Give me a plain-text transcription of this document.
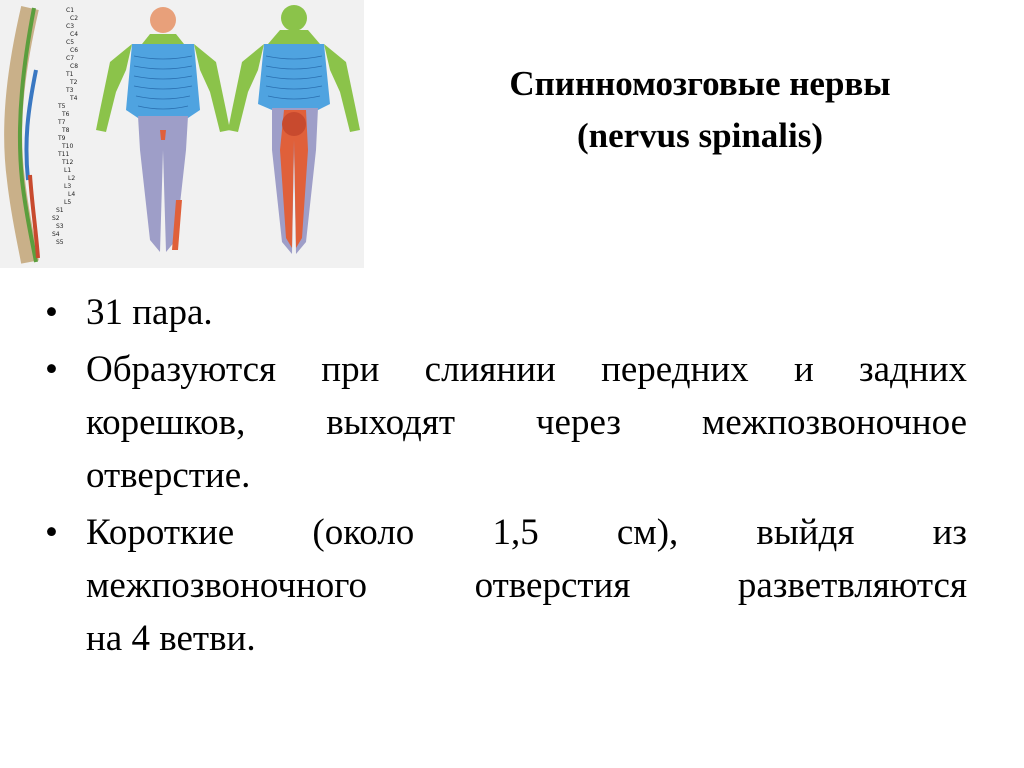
C1
C2
C3
C4
C5
C6
C7
C8
T1
T2
T3
T4
T5
T6
T7
T8
T9
T10
T11
T12
L1
L2
L3
L4
L5
S1
S2
S3
S4
S5
Спинномозговые нервы
(nervus spinalis)
• 31 пара.
• Образуются при слиянии передних и задних
корешков, выходят через межпозвоночное
отверстие.
• Короткие (около 1,5 см), выйдя из
межпозвоночного отверстия разветвляются
на 4 ветви.
